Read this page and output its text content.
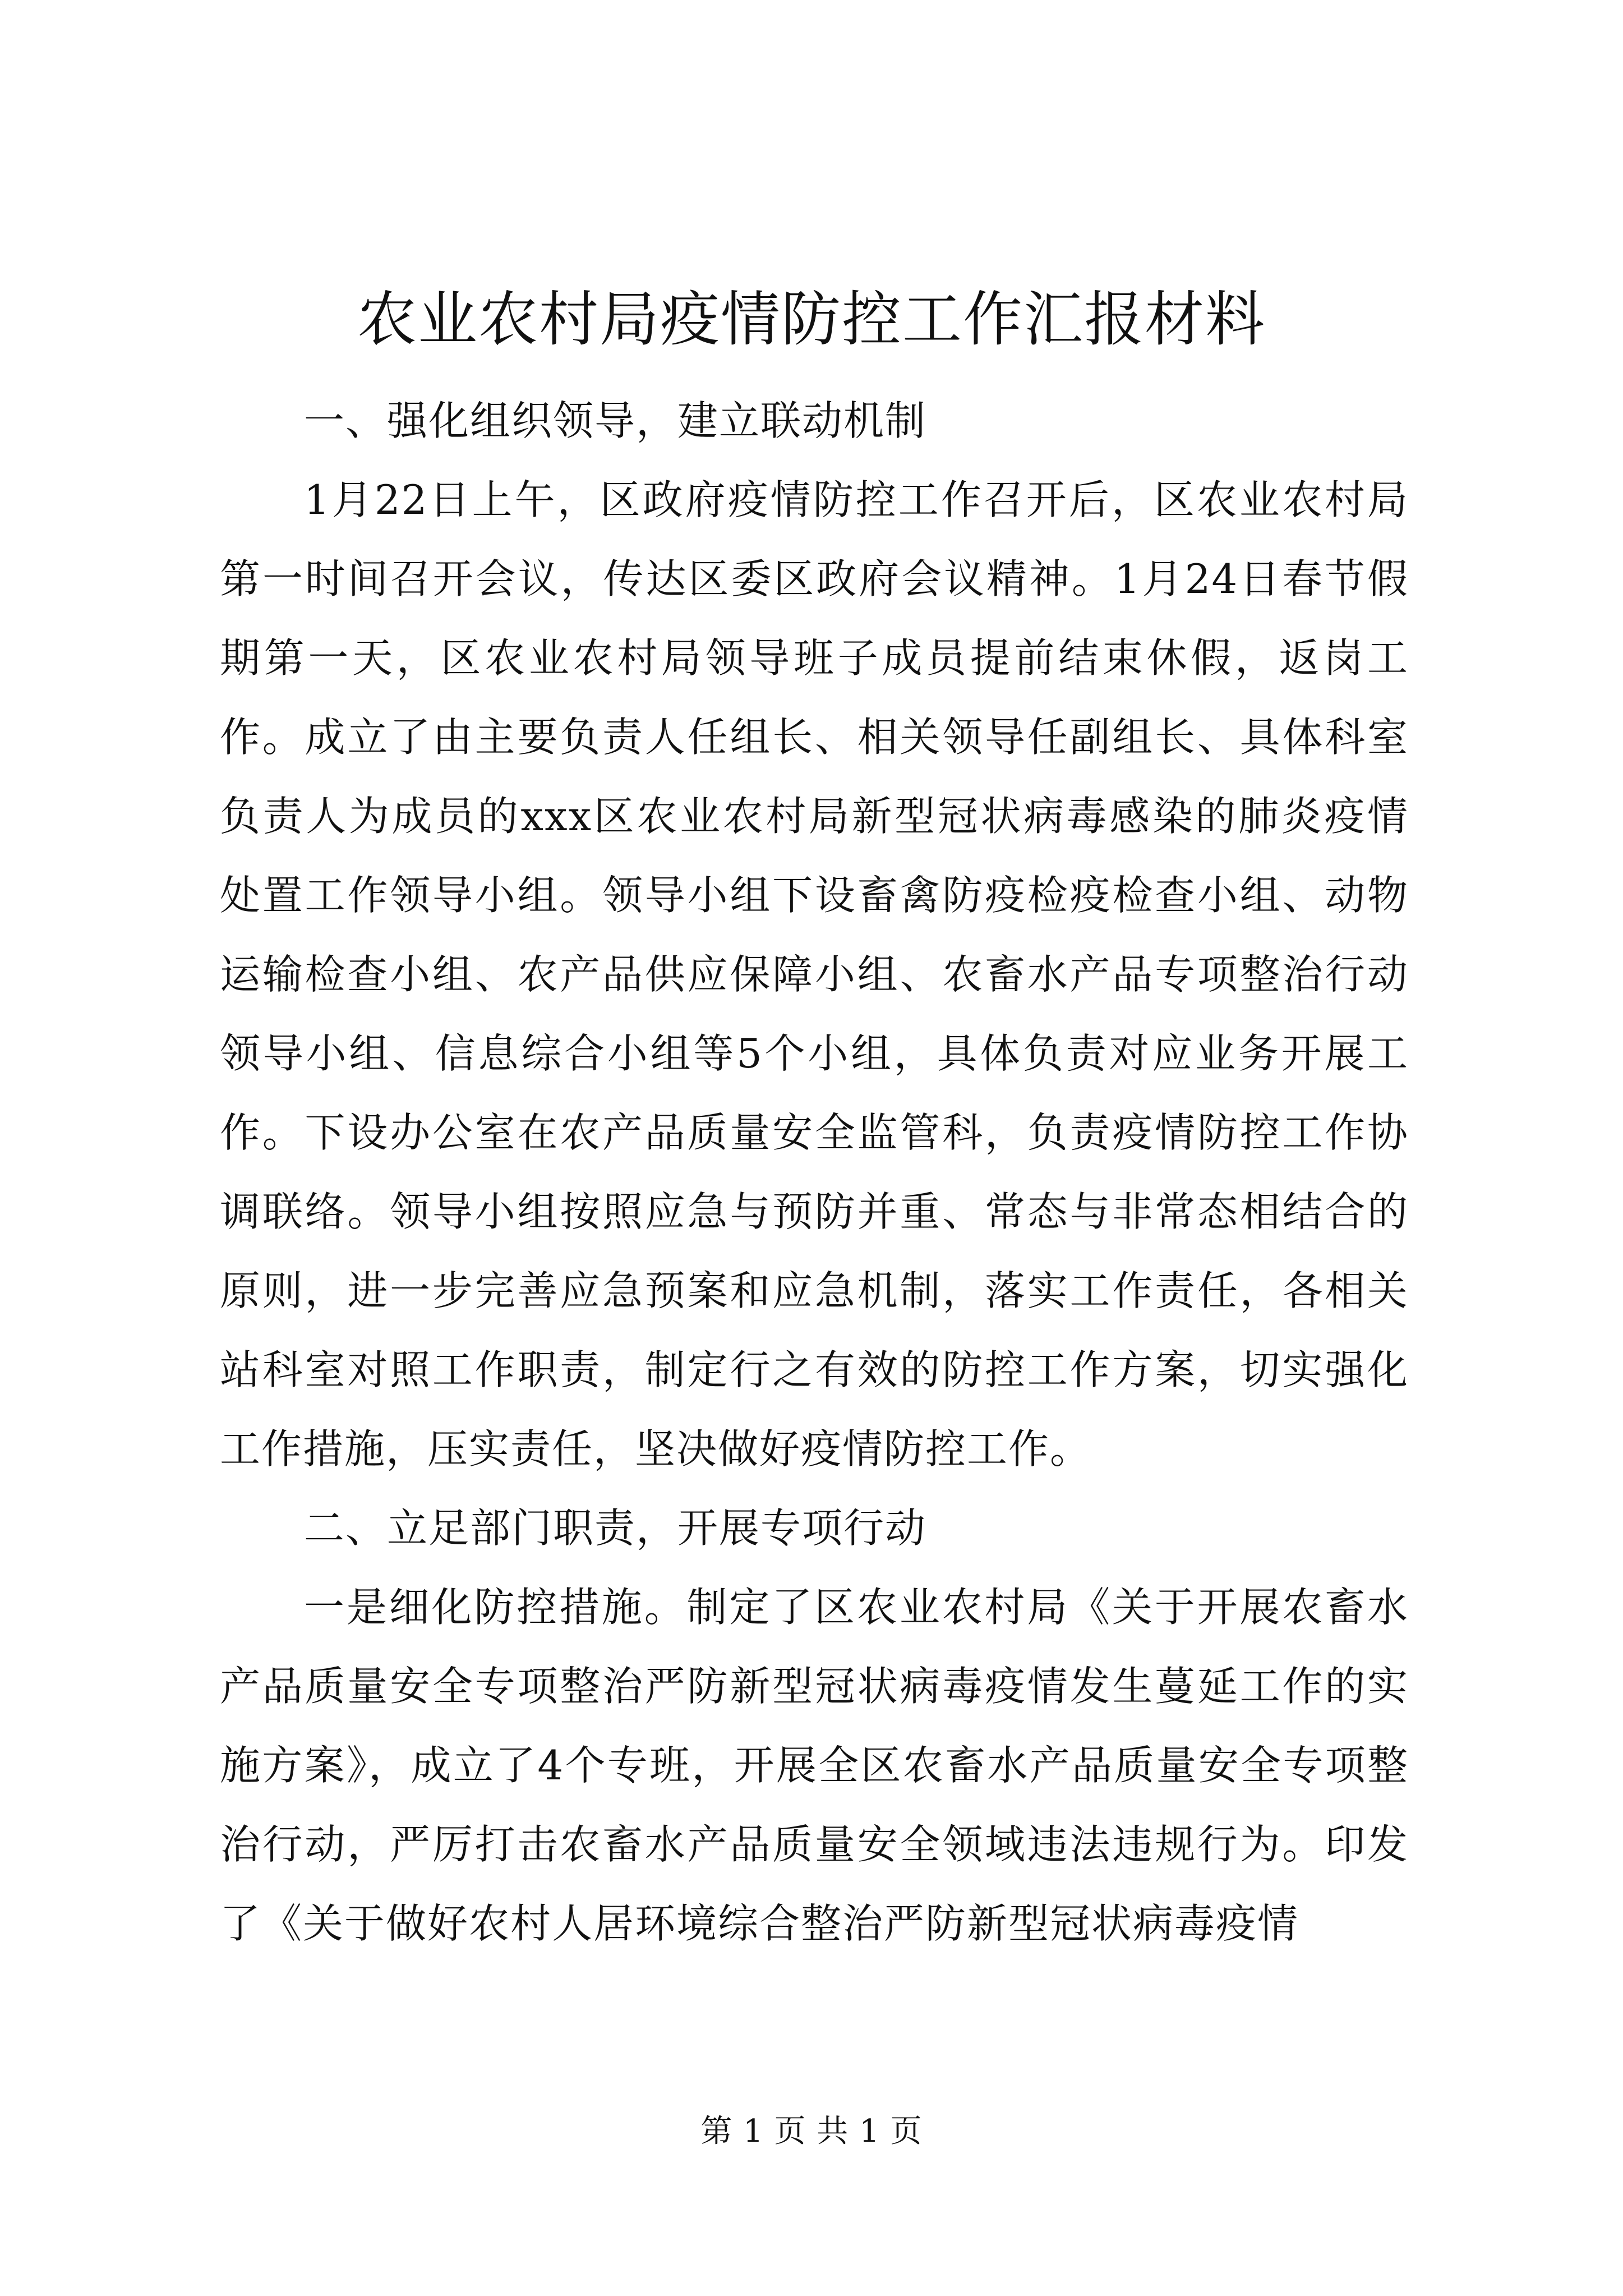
农业农村局疫情防控工作汇报材料

一、强化组织领导，建立联动机制

1月22日上午，区政府疫情防控工作召开后，区农业农村局第一时间召开会议，传达区委区政府会议精神。1月24日春节假期第一天，区农业农村局领导班子成员提前结束休假，返岗工作。成立了由主要负责人任组长、相关领导任副组长、具体科室负责人为成员的xxx区农业农村局新型冠状病毒感染的肺炎疫情处置工作领导小组。领导小组下设畜禽防疫检疫检查小组、动物运输检查小组、农产品供应保障小组、农畜水产品专项整治行动领导小组、信息综合小组等5个小组，具体负责对应业务开展工作。下设办公室在农产品质量安全监管科，负责疫情防控工作协调联络。领导小组按照应急与预防并重、常态与非常态相结合的原则，进一步完善应急预案和应急机制，落实工作责任，各相关站科室对照工作职责，制定行之有效的防控工作方案，切实强化工作措施，压实责任，坚决做好疫情防控工作。

二、立足部门职责，开展专项行动

一是细化防控措施。制定了区农业农村局《关于开展农畜水产品质量安全专项整治严防新型冠状病毒疫情发生蔓延工作的实施方案》，成立了4个专班，开展全区农畜水产品质量安全专项整治行动，严厉打击农畜水产品质量安全领域违法违规行为。印发了《关于做好农村人居环境综合整治严防新型冠状病毒疫情

第 1 页 共 1 页
